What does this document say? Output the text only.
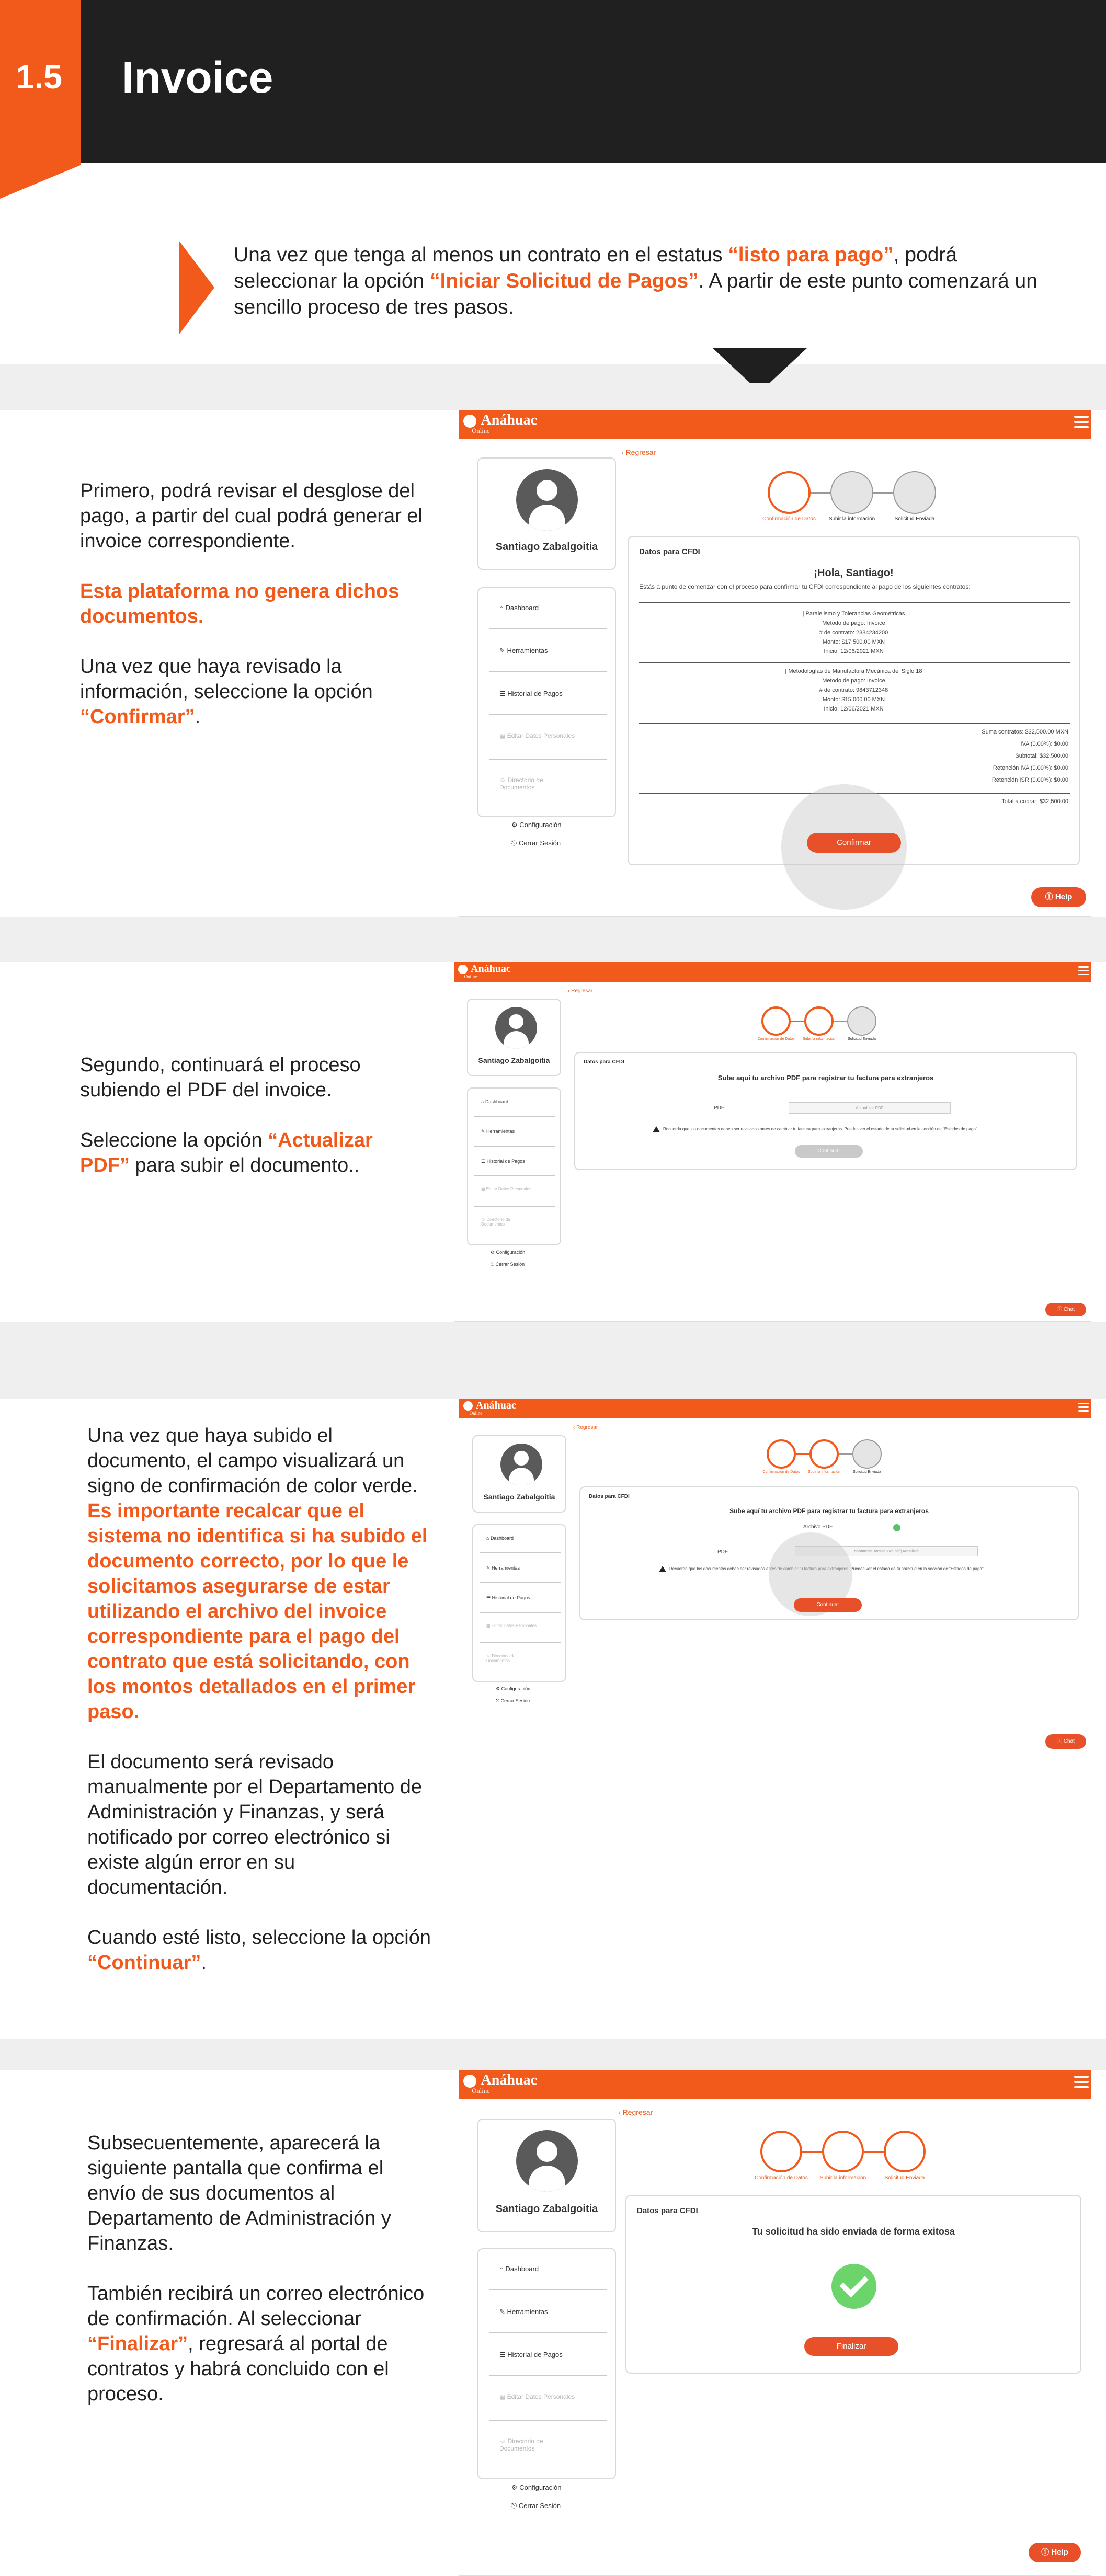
1.5 Invoice
Una vez que tenga al menos un contrato en el estatus “listo para pago”, podrá seleccionar la opción “Iniciar Solicitud de Pagos”. A partir de este punto comenzará un sencillo proceso de tres pasos.

Primero, podrá revisar el desglose del pago, a partir del cual podrá generar el invoice correspondiente.

Esta plataforma no genera dichos documentos.

Una vez que haya revisado la información, seleccione la opción “Confirmar”.

Anáhuac
Online
‹ Regresar
Santiago Zabalgoitia
⌂ Dashboard
✎ Herramientas
☰ Historial de Pagos
▦ Editar Datos Personales
☺ Directorio de Documentos
⚙ Configuración
⎋ Cerrar Sesión
Confirmación de Datos	Subir la información	Solicitud Enviada
Datos para CFDI
¡Hola, Santiago!
Estás a punto de comenzar con el proceso para confirmar tu CFDI correspondiente al pago de los siguientes contratos:
| Paralelismo y Tolerancias Geométricas
Metodo de pago: Invoice
# de contrato: 2384234200
Monto: $17,500.00 MXN
Inicio: 12/06/2021 MXN
| Metodologías de Manufactura Mecánica del Siglo 18
Metodo de pago: Invoice
# de contrato: 9843712348
Monto: $15,000.00 MXN
Inicio: 12/06/2021 MXN
Suma contratos: $32,500.00 MXN
IVA (0.00%): $0.00
Subtotal: $32,500.00
Retención IVA (0.00%): $0.00
Retención ISR (0.00%): $0.00
Total a cobrar: $32,500.00
Confirmar
ⓘ Help

Segundo, continuará el proceso subiendo el PDF del invoice.

Seleccione la opción “Actualizar PDF” para subir el documento..

Anáhuac
Online
‹ Regresar
Santiago Zabalgoitia
⌂ Dashboard
✎ Herramientas
☰ Historial de Pagos
▦ Editar Datos Personales
☺ Directorio de Documentos
⚙ Configuración
⎋ Cerrar Sesión
Confirmación de Datos	Subir la información	Solicitud Enviada
Datos para CFDI
Sube aquí tu archivo PDF para registrar tu factura para extranjeros
PDF	Actualizar PDF
Recuerda que los documentos deben ser revisados antes de cambiar tu factura para extranjeros. Puedes ver el estado de tu solicitud en la sección de "Estados de pago"
Continuar
ⓘ Chat

Una vez que haya subido el documento, el campo visualizará un signo de confirmación de color verde.

Es importante recalcar que el sistema no identifica si ha subido el documento correcto, por lo que le solicitamos asegurarse de estar utilizando el archivo del invoice correspondiente para el pago del contrato que está solicitando, con los montos detallados en el primer paso.

El documento será revisado manualmente por el Departamento de Administración y Finanzas, y será notificado por correo electrónico si existe algún error en su documentación.

Cuando esté listo, seleccione la opción “Continuar”.

Anáhuac
Online
‹ Regresar
Santiago Zabalgoitia
⌂ Dashboard
✎ Herramientas
☰ Historial de Pagos
▦ Editar Datos Personales
☺ Directorio de Documentos
⚙ Configuración
⎋ Cerrar Sesión
Confirmación de Datos	Subir la información	Solicitud Enviada
Datos para CFDI
Sube aquí tu archivo PDF para registrar tu factura para extranjeros
Archivo PDF
PDF	documento_factura2021.pdf | Actualizar
Recuerda que los documentos deben ser revisados antes de cambiar tu factura para extranjeros. Puedes ver el estado de tu solicitud en la sección de "Estados de pago"
Continuar
ⓘ Chat

Subsecuentemente, aparecerá la siguiente pantalla que confirma el envío de sus documentos al Departamento de Administración y Finanzas.

También recibirá un correo electrónico de confirmación. Al seleccionar “Finalizar”, regresará al portal de contratos y habrá concluido con el proceso.

Anáhuac
Online
‹ Regresar
Santiago Zabalgoitia
⌂ Dashboard
✎ Herramientas
☰ Historial de Pagos
▦ Editar Datos Personales
☺ Directorio de Documentos
⚙ Configuración
⎋ Cerrar Sesión
Confirmación de Datos	Subir la información	Solicitud Enviada
Datos para CFDI
Tu solicitud ha sido enviada de forma exitosa
Finalizar
ⓘ Help
